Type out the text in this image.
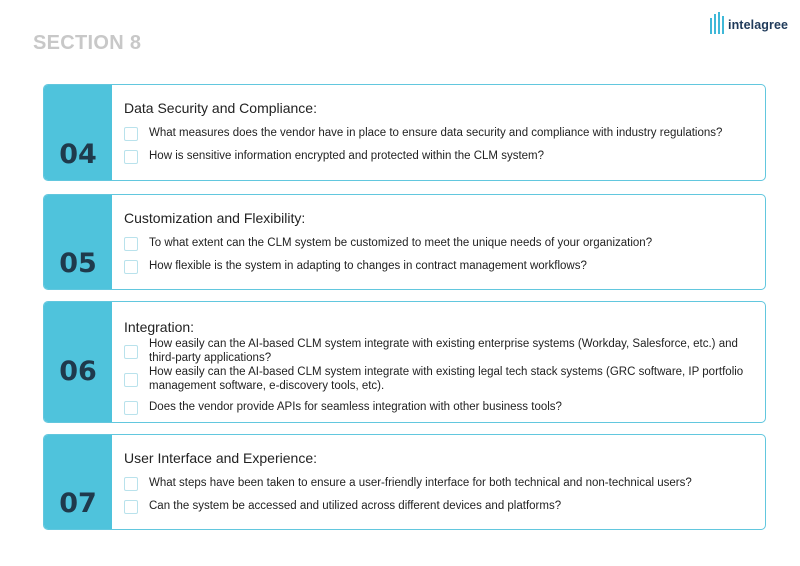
SECTION 8
intelagree
04
Data Security and Compliance:
What measures does the vendor have in place to ensure data security and compliance with industry regulations?
How is sensitive information encrypted and protected within the CLM system?
05
Customization and Flexibility:
To what extent can the CLM system be customized to meet the unique needs of your organization?
How flexible is the system in adapting to changes in contract management workflows?
06
Integration:
How easily can the AI-based CLM system integrate with existing enterprise systems (Workday, Salesforce, etc.) and third-party applications?
How easily can the AI-based CLM system integrate with existing legal tech stack systems (GRC software, IP portfolio management software, e-discovery tools, etc).
Does the vendor provide APIs for seamless integration with other business tools?
07
User Interface and Experience:
What steps have been taken to ensure a user-friendly interface for both technical and non-technical users?
Can the system be accessed and utilized across different devices and platforms?
